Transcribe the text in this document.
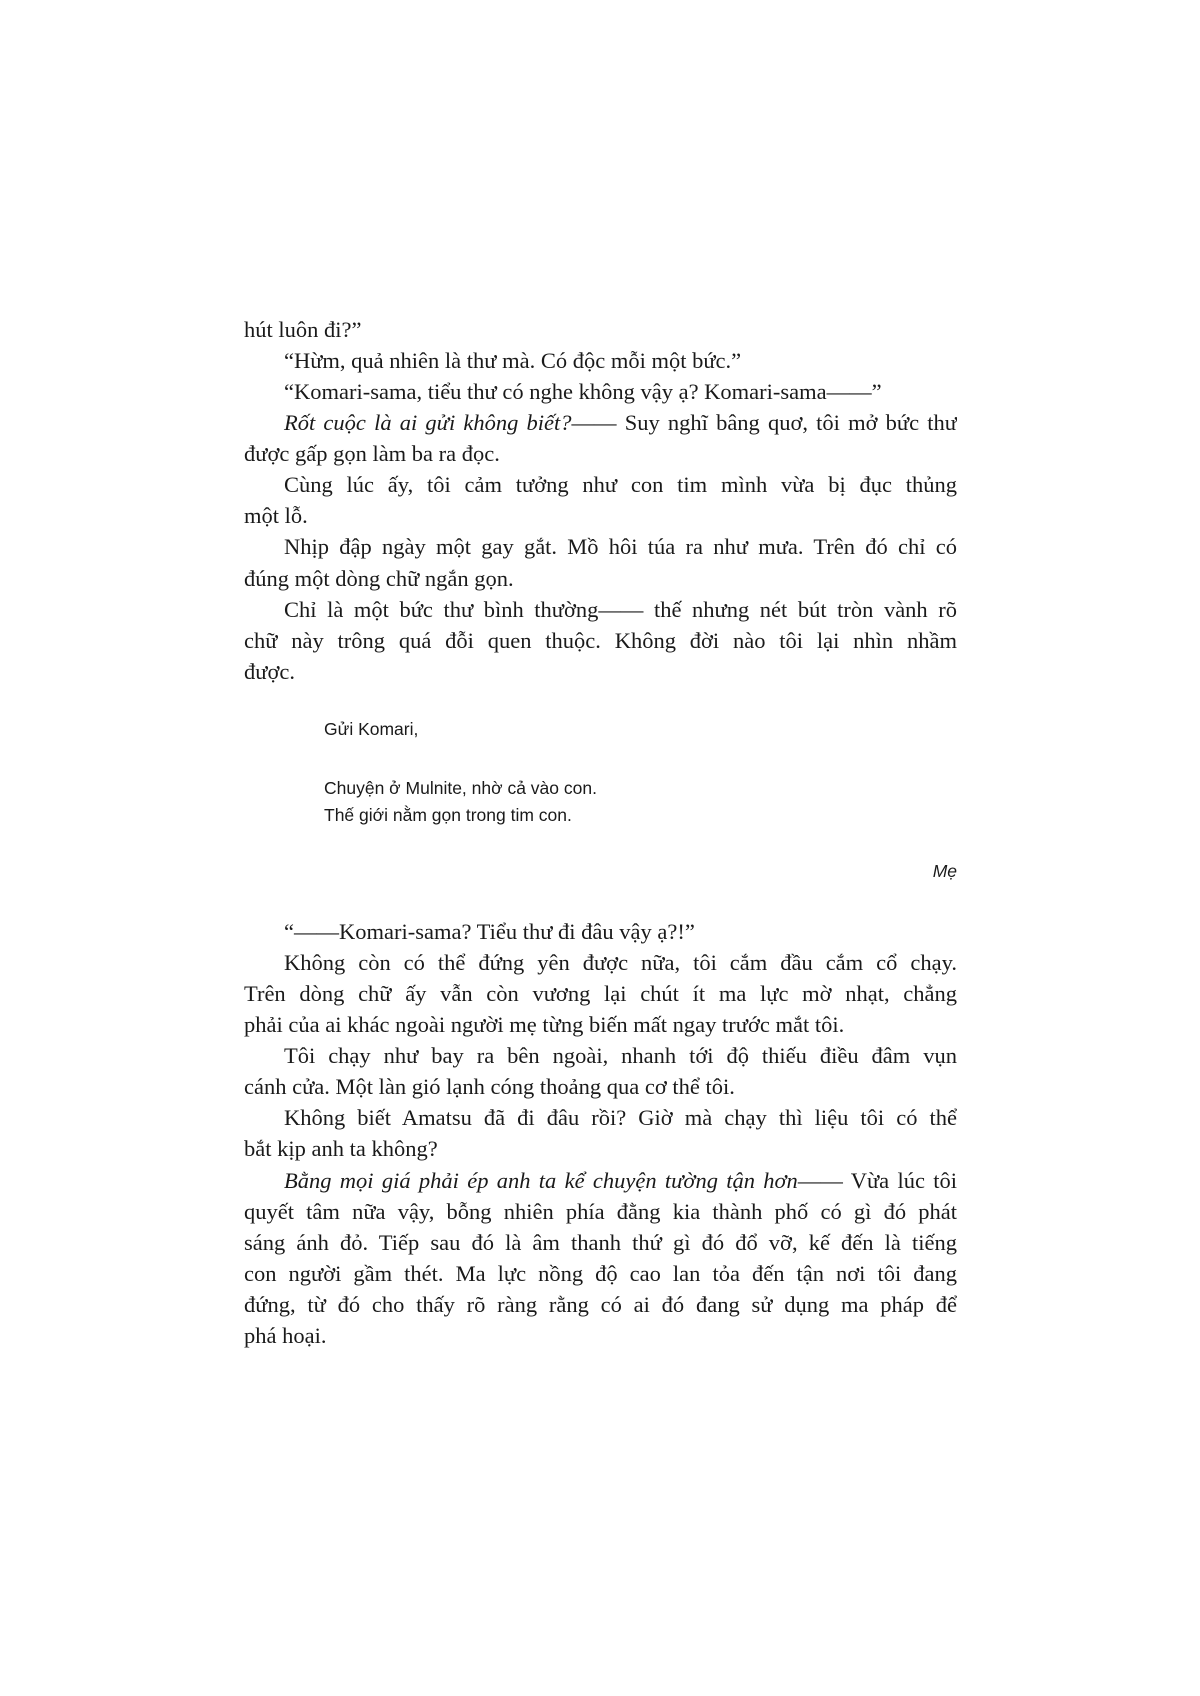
hút luôn đi?”
“Hừm, quả nhiên là thư mà. Có độc mỗi một bức.”
“Komari-sama, tiểu thư có nghe không vậy ạ? Komari-sama——”
Rốt cuộc là ai gửi không biết?—— Suy nghĩ bâng quơ, tôi mở bức thư
được gấp gọn làm ba ra đọc.
Cùng lúc ấy, tôi cảm tưởng như con tim mình vừa bị đục thủng
một lỗ.
Nhịp đập ngày một gay gắt. Mồ hôi túa ra như mưa. Trên đó chỉ có
đúng một dòng chữ ngắn gọn.
Chỉ là một bức thư bình thường—— thế nhưng nét bút tròn vành rõ
chữ này trông quá đỗi quen thuộc. Không đời nào tôi lại nhìn nhầm
được.
Gửi Komari,
Chuyện ở Mulnite, nhờ cả vào con.
Thế giới nằm gọn trong tim con.
Mẹ
“——Komari-sama? Tiểu thư đi đâu vậy ạ?!”
Không còn có thể đứng yên được nữa, tôi cắm đầu cắm cổ chạy.
Trên dòng chữ ấy vẫn còn vương lại chút ít ma lực mờ nhạt, chẳng
phải của ai khác ngoài người mẹ từng biến mất ngay trước mắt tôi.
Tôi chạy như bay ra bên ngoài, nhanh tới độ thiếu điều đâm vụn
cánh cửa. Một làn gió lạnh cóng thoảng qua cơ thể tôi.
Không biết Amatsu đã đi đâu rồi? Giờ mà chạy thì liệu tôi có thể
bắt kịp anh ta không?
Bằng mọi giá phải ép anh ta kể chuyện tường tận hơn—— Vừa lúc tôi
quyết tâm nữa vậy, bỗng nhiên phía đằng kia thành phố có gì đó phát
sáng ánh đỏ. Tiếp sau đó là âm thanh thứ gì đó đổ vỡ, kế đến là tiếng
con người gầm thét. Ma lực nồng độ cao lan tỏa đến tận nơi tôi đang
đứng, từ đó cho thấy rõ ràng rằng có ai đó đang sử dụng ma pháp để
phá hoại.
